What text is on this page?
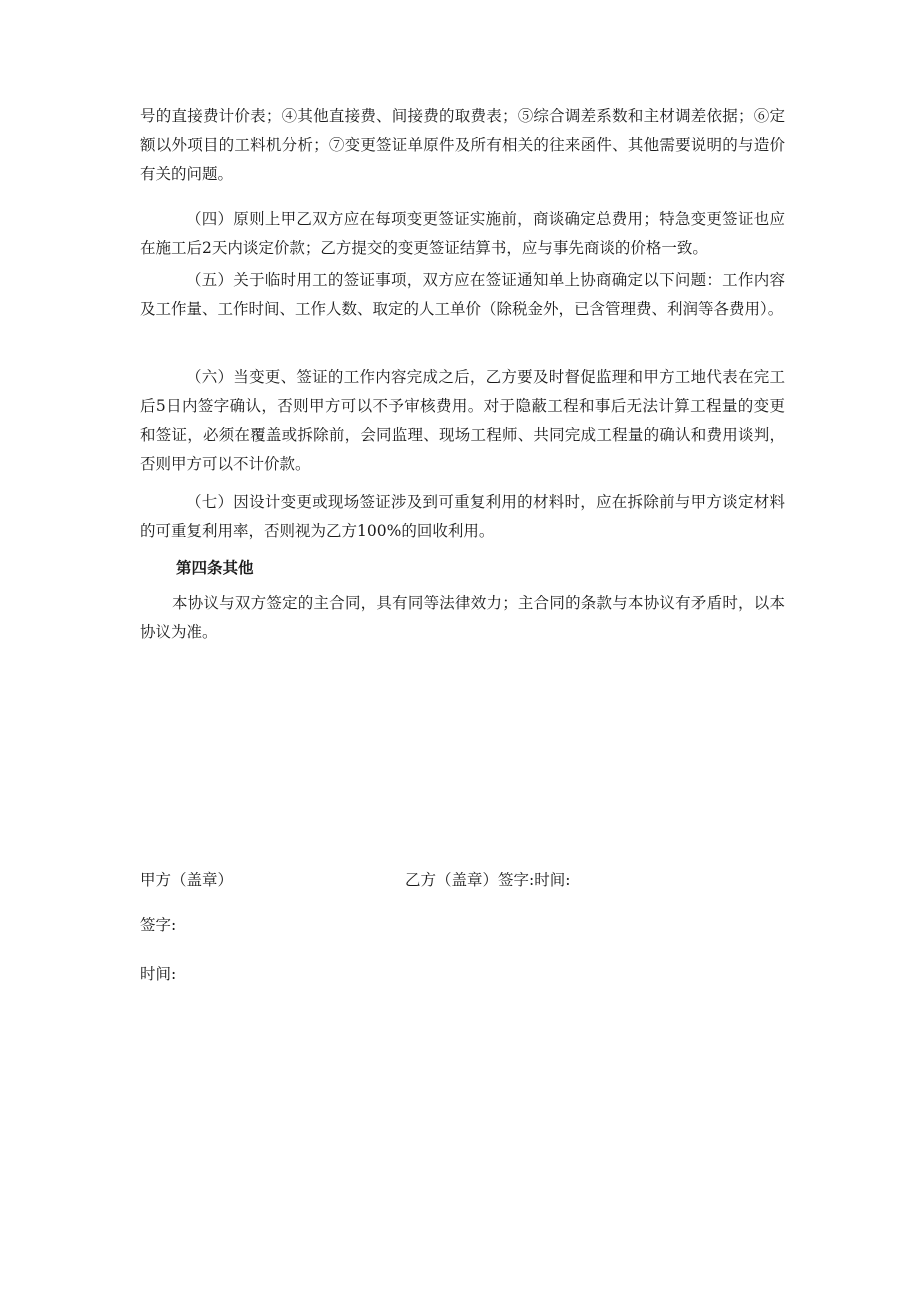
号的直接费计价表；④其他直接费、间接费的取费表；⑤综合调差系数和主材调差依据；⑥定额以外项目的工料机分析；⑦变更签证单原件及所有相关的往来函件、其他需要说明的与造价有关的问题。

（四）原则上甲乙双方应在每项变更签证实施前，商谈确定总费用；特急变更签证也应在施工后2天内谈定价款；乙方提交的变更签证结算书，应与事先商谈的价格一致。

（五）关于临时用工的签证事项，双方应在签证通知单上协商确定以下问题：工作内容及工作量、工作时间、工作人数、取定的人工单价（除税金外，已含管理费、利润等各费用）。

（六）当变更、签证的工作内容完成之后，乙方要及时督促监理和甲方工地代表在完工后5日内签字确认，否则甲方可以不予审核费用。对于隐蔽工程和事后无法计算工程量的变更和签证，必须在覆盖或拆除前，会同监理、现场工程师、共同完成工程量的确认和费用谈判，否则甲方可以不计价款。

（七）因设计变更或现场签证涉及到可重复利用的材料时，应在拆除前与甲方谈定材料的可重复利用率，否则视为乙方100%的回收利用。

第四条其他

本协议与双方签定的主合同，具有同等法律效力；主合同的条款与本协议有矛盾时，以本协议为准。

甲方（盖章）	乙方（盖章）签字:时间:

签字:

时间:
